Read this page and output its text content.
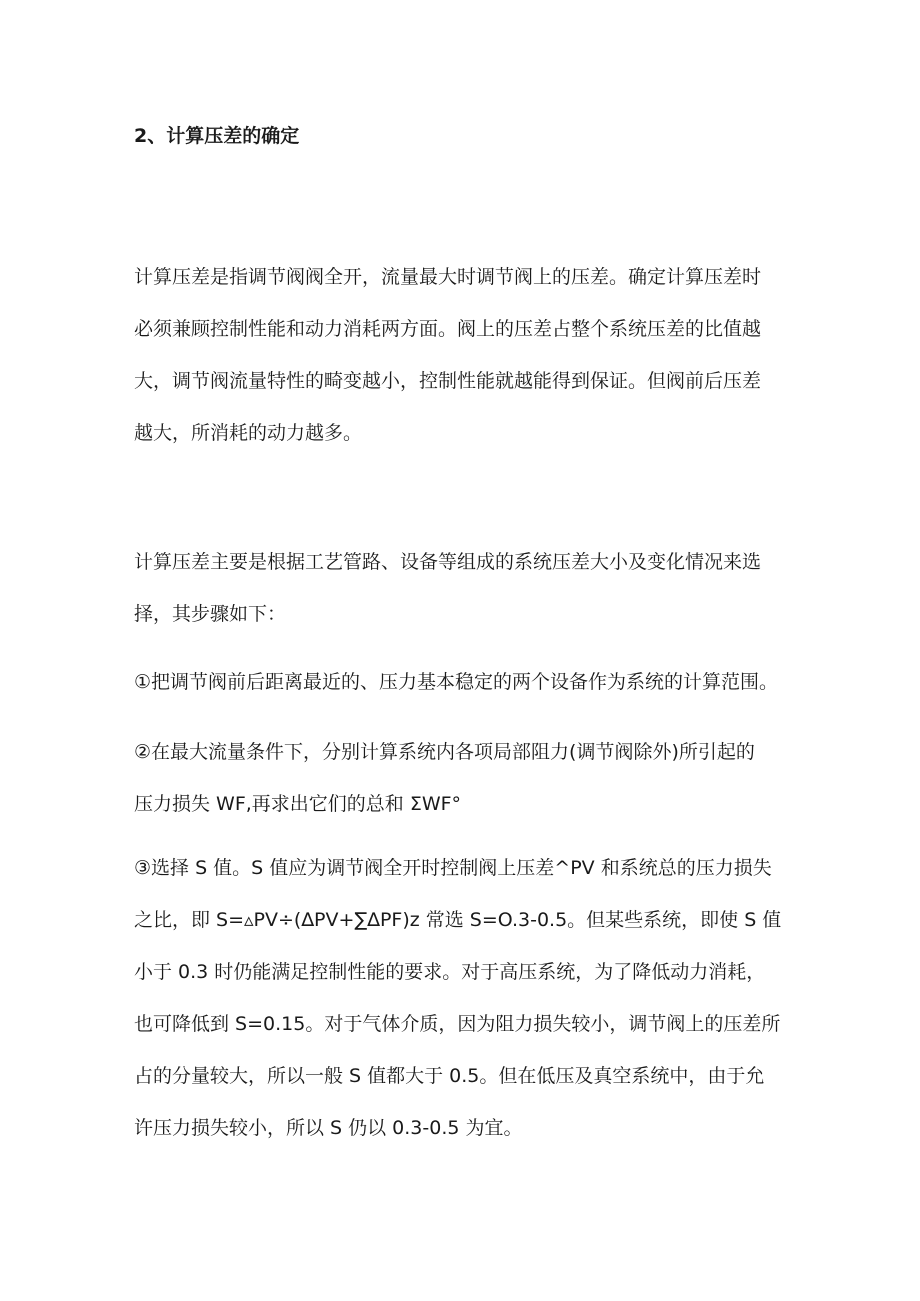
2、计算压差的确定
计算压差是指调节阀阀全开，流量最大时调节阀上的压差。确定计算压差时
必须兼顾控制性能和动力消耗两方面。阀上的压差占整个系统压差的比值越
大，调节阀流量特性的畸变越小，控制性能就越能得到保证。但阀前后压差
越大，所消耗的动力越多。
计算压差主要是根据工艺管路、设备等组成的系统压差大小及变化情况来选
择，其步骤如下：
①把调节阀前后距离最近的、压力基本稳定的两个设备作为系统的计算范围。
②在最大流量条件下，分别计算系统内各项局部阻力(调节阀除外)所引起的
压力损失 WF,再求出它们的总和 ΣWF°
③选择 S 值。S 值应为调节阀全开时控制阀上压差^PV 和系统总的压力损失
之比，即 S=▵PV÷(∆PV+∑∆PF)z 常选 S=O.3-0.5。但某些系统，即使 S 值
小于 0.3 时仍能满足控制性能的要求。对于高压系统，为了降低动力消耗，
也可降低到 S=0.15。对于气体介质，因为阻力损失较小，调节阀上的压差所
占的分量较大，所以一般 S 值都大于 0.5。但在低压及真空系统中，由于允
许压力损失较小，所以 S 仍以 0.3-0.5 为宜。
